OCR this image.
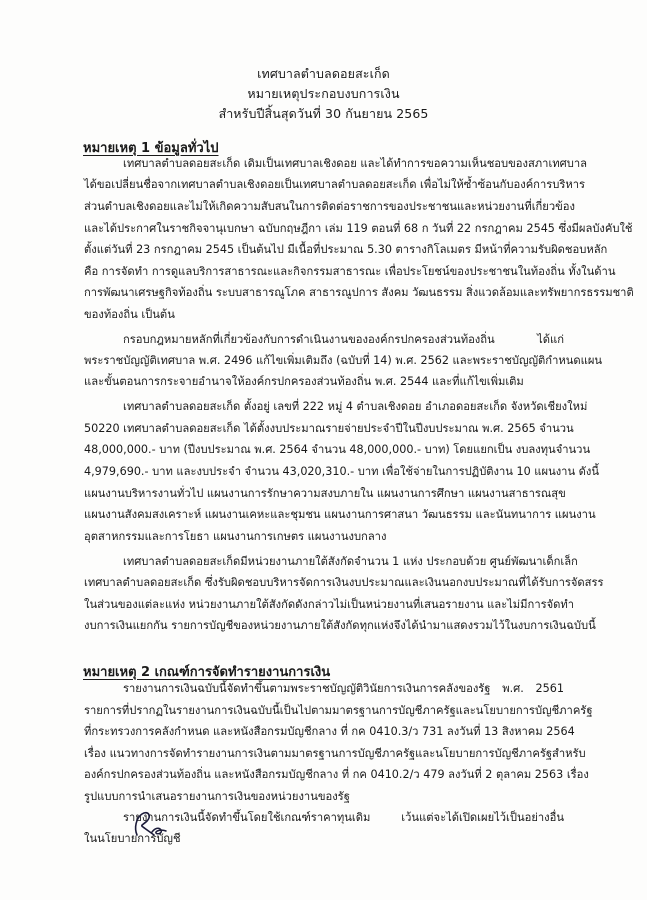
เทศบาลตำบลดอยสะเก็ด
หมายเหตุประกอบงบการเงิน
สำหรับปีสิ้นสุดวันที่ 30 กันยายน 2565
หมายเหตุ 1 ข้อมูลทั่วไป
เทศบาลตำบลดอยสะเก็ด เดิมเป็นเทศบาลเชิงดอย และได้ทำการขอความเห็นชอบของสภาเทศบาล
ได้ขอเปลี่ยนชื่อจากเทศบาลตำบลเชิงดอยเป็นเทศบาลตำบลดอยสะเก็ด เพื่อไม่ให้ซ้ำซ้อนกับองค์การบริหาร
ส่วนตำบลเชิงดอยและไม่ให้เกิดความสับสนในการติดต่อราชการของประชาชนและหน่วยงานที่เกี่ยวข้อง
และได้ประกาศในราชกิจจานุเบกษา ฉบับกฤษฎีกา เล่ม 119 ตอนที่ 68 ก วันที่ 22 กรกฎาคม 2545 ซึ่งมีผลบังคับใช้
ตั้งแต่วันที่ 23 กรกฎาคม 2545 เป็นต้นไป มีเนื้อที่ประมาณ 5.30 ตารางกิโลเมตร มีหน้าที่ความรับผิดชอบหลัก
คือ การจัดทำ การดูแลบริการสาธารณะและกิจกรรมสาธารณะ เพื่อประโยชน์ของประชาชนในท้องถิ่น ทั้งในด้าน
การพัฒนาเศรษฐกิจท้องถิ่น ระบบสาธารณูโภค สาธารณูปการ สังคม วัฒนธรรม สิ่งแวดล้อมและทรัพยากรธรรมชาติ
ของท้องถิ่น เป็นต้น
กรอบกฎหมายหลักที่เกี่ยวข้องกับการดำเนินงานขององค์กรปกครองส่วนท้องถิ่น ได้แก่
พระราชบัญญัติเทศบาล พ.ศ. 2496 แก้ไขเพิ่มเติมถึง (ฉบับที่ 14) พ.ศ. 2562 และพระราชบัญญัติกำหนดแผน
และขั้นตอนการกระจายอำนาจให้องค์กรปกครองส่วนท้องถิ่น พ.ศ. 2544 และที่แก้ไขเพิ่มเติม
เทศบาลตำบลดอยสะเก็ด ตั้งอยู่ เลขที่ 222 หมู่ 4 ตำบลเชิงดอย อำเภอดอยสะเก็ด จังหวัดเชียงใหม่
50220 เทศบาลตำบลดอยสะเก็ด ได้ตั้งงบประมาณรายจ่ายประจำปีในปีงบประมาณ พ.ศ. 2565 จำนวน
48,000,000.- บาท (ปีงบประมาณ พ.ศ. 2564 จำนวน 48,000,000.- บาท) โดยแยกเป็น งบลงทุนจำนวน
4,979,690.- บาท และงบประจำ จำนวน 43,020,310.- บาท เพื่อใช้จ่ายในการปฏิบัติงาน 10 แผนงาน ดังนี้
แผนงานบริหารงานทั่วไป แผนงานการรักษาความสงบภายใน แผนงานการศึกษา แผนงานสาธารณสุข
แผนงานสังคมสงเคราะห์ แผนงานเคหะและชุมชน แผนงานการศาสนา วัฒนธรรม และนันทนาการ แผนงาน
อุตสาหกรรมและการโยธา แผนงานการเกษตร แผนงานงบกลาง
เทศบาลตำบลดอยสะเก็ดมีหน่วยงานภายใต้สังกัดจำนวน 1 แห่ง ประกอบด้วย ศูนย์พัฒนาเด็กเล็ก
เทศบาลตำบลดอยสะเก็ด ซึ่งรับผิดชอบบริหารจัดการเงินงบประมาณและเงินนอกงบประมาณที่ได้รับการจัดสรร
ในส่วนของแต่ละแห่ง หน่วยงานภายใต้สังกัดดังกล่าวไม่เป็นหน่วยงานที่เสนอรายงาน และไม่มีการจัดทำ
งบการเงินแยกกัน รายการบัญชีของหน่วยงานภายใต้สังกัดทุกแห่งจึงได้นำมาแสดงรวมไว้ในงบการเงินฉบับนี้
หมายเหตุ 2 เกณฑ์การจัดทำรายงานการเงิน
รายงานการเงินฉบับนี้จัดทำขึ้นตามพระราชบัญญัติวินัยการเงินการคลังของรัฐ พ.ศ. 2561
รายการที่ปรากฏในรายงานการเงินฉบับนี้เป็นไปตามมาตรฐานการบัญชีภาครัฐและนโยบายการบัญชีภาครัฐ
ที่กระทรวงการคลังกำหนด และหนังสือกรมบัญชีกลาง ที่ กค 0410.3/ว 731 ลงวันที่ 13 สิงหาคม 2564
เรื่อง แนวทางการจัดทำรายงานการเงินตามมาตรฐานการบัญชีภาครัฐและนโยบายการบัญชีภาครัฐสำหรับ
องค์กรปกครองส่วนท้องถิ่น และหนังสือกรมบัญชีกลาง ที่ กค 0410.2/ว 479 ลงวันที่ 2 ตุลาคม 2563 เรื่อง
รูปแบบการนำเสนอรายงานการเงินของหน่วยงานของรัฐ
รายงานการเงินนี้จัดทำขึ้นโดยใช้เกณฑ์ราคาทุนเดิม เว้นแต่จะได้เปิดเผยไว้เป็นอย่างอื่น
ในนโยบายการบัญชี
